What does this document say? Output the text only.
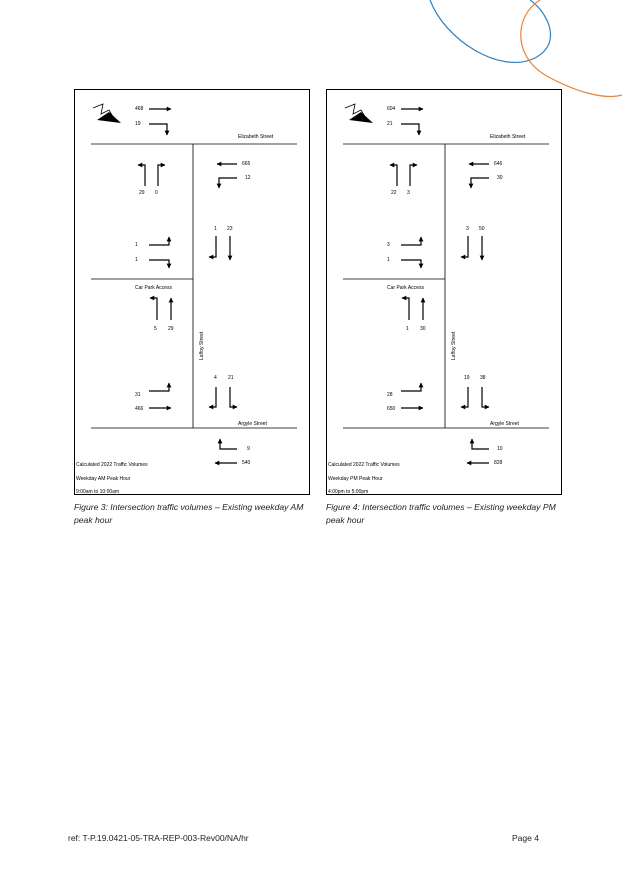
468
19
Elizabeth Street
29 0
665
12
1
1
1 23
Car Park Access
5 29
Laffoy Street
4 21
31
466
Argyle Street
9
540
Calculated 2022 Traffic Volumes
Weekday AM Peak Hour
9:00am to 10:00am
604
21
Elizabeth Street
22 3
646
30
3
1
3 50
Car Park Access
1 30
Laffoy Street
19 38
28
650
Argyle Street
10
828
Calculated 2022 Traffic Volumes
Weekday PM Peak Hour
4:00pm to 5:00pm
Figure 3: Intersection traffic volumes – Existing weekday AM peak hour
Figure 4: Intersection traffic volumes – Existing weekday PM peak hour
ref: T-P.19.0421-05-TRA-REP-003-Rev00/NA/hr	Page 4
